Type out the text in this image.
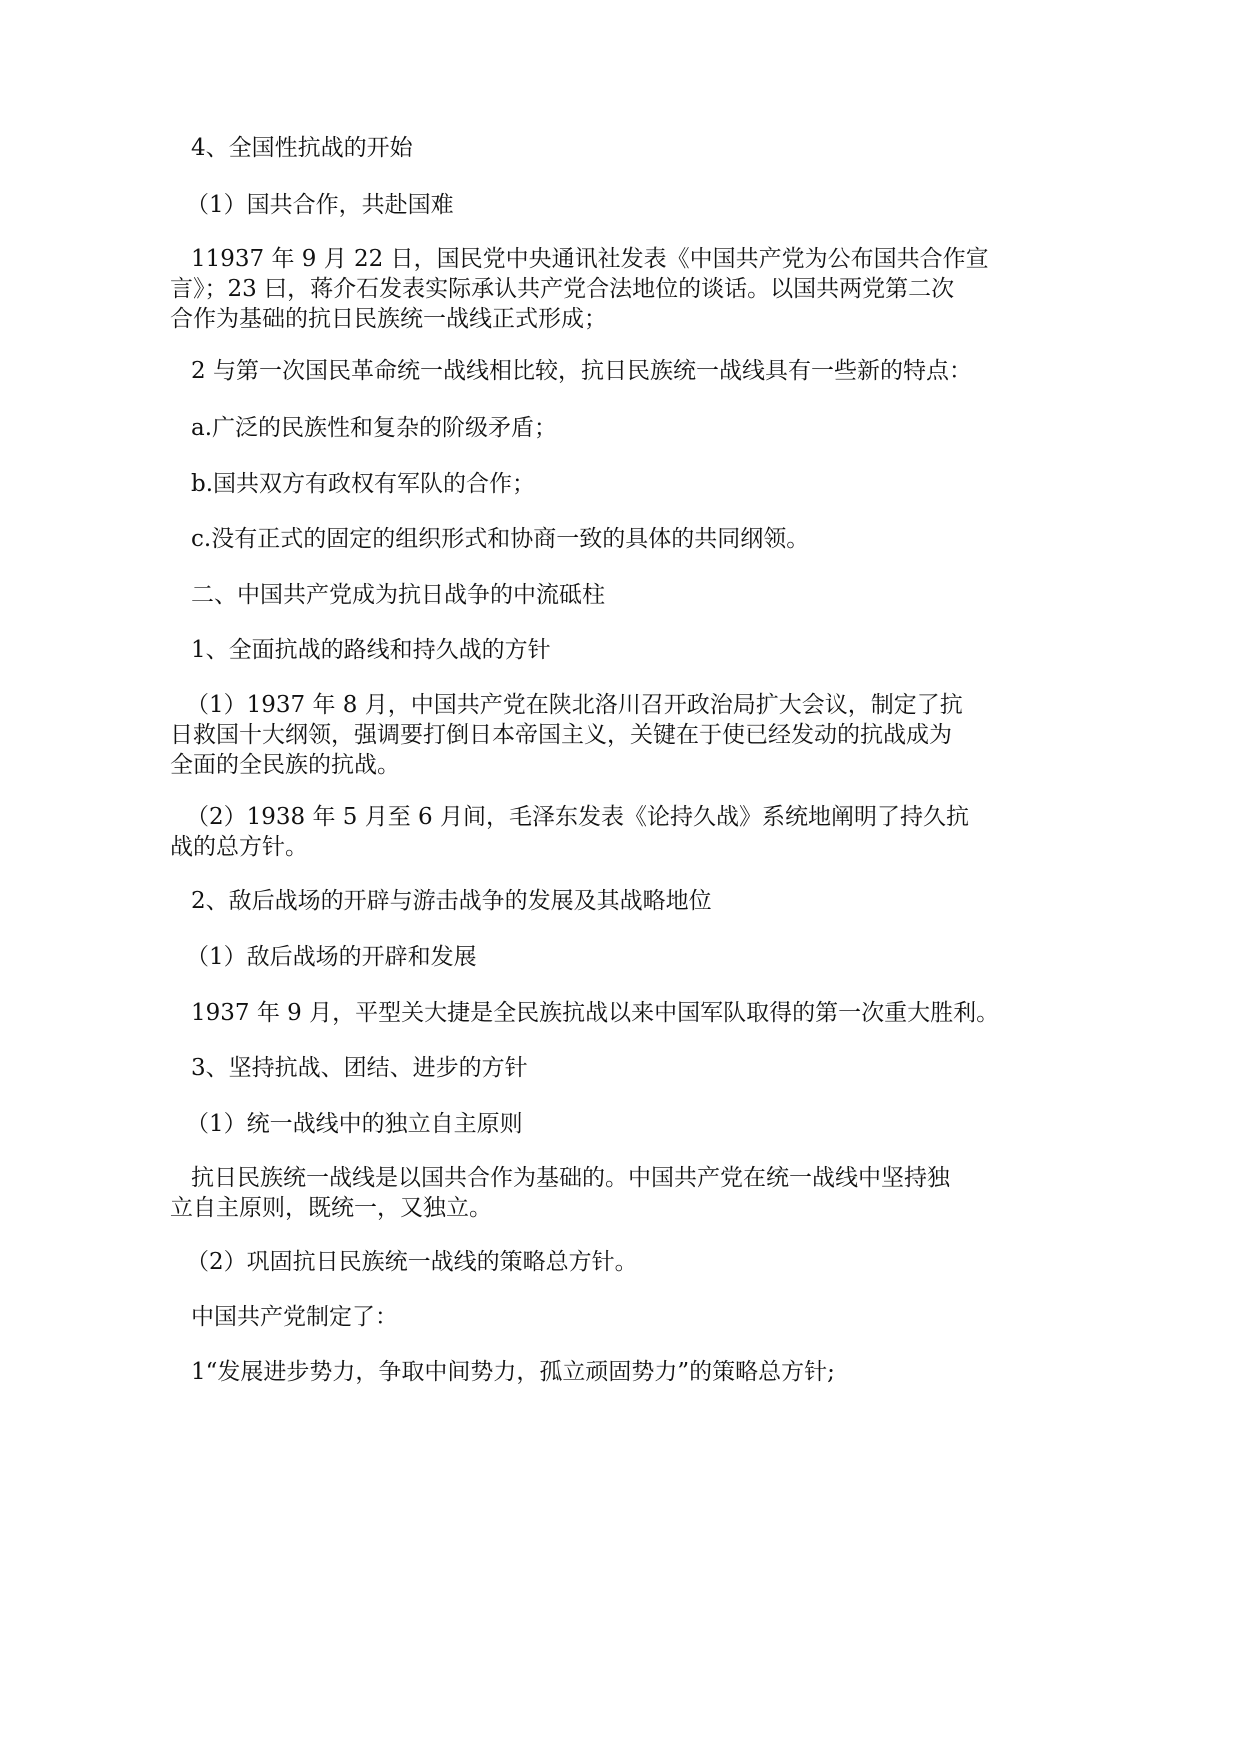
4、全国性抗战的开始

（1）国共合作，共赴国难

11937 年 9 月 22 日，国民党中央通讯社发表《中国共产党为公布国共合作宣
言》；23 曰，蒋介石发表实际承认共产党合法地位的谈话。以国共两党第二次
合作为基础的抗日民族统一战线正式形成；

2 与第一次国民革命统一战线相比较，抗日民族统一战线具有一些新的特点：

a.广泛的民族性和复杂的阶级矛盾；

b.国共双方有政权有军队的合作；

c.没有正式的固定的组织形式和协商一致的具体的共同纲领。

二、中国共产党成为抗日战争的中流砥柱

1、全面抗战的路线和持久战的方针

（1）1937 年 8 月，中国共产党在陕北洛川召开政治局扩大会议，制定了抗
日救国十大纲领，强调要打倒日本帝国主义，关键在于使已经发动的抗战成为
全面的全民族的抗战。

（2）1938 年 5 月至 6 月间，毛泽东发表《论持久战》系统地阐明了持久抗
战的总方针。

2、敌后战场的开辟与游击战争的发展及其战略地位

（1）敌后战场的开辟和发展

1937 年 9 月，平型关大捷是全民族抗战以来中国军队取得的第一次重大胜利。

3、坚持抗战、团结、进步的方针

（1）统一战线中的独立自主原则

抗日民族统一战线是以国共合作为基础的。中国共产党在统一战线中坚持独
立自主原则，既统一，又独立。

（2）巩固抗日民族统一战线的策略总方针。

中国共产党制定了：

1“发展进步势力，争取中间势力，孤立顽固势力”的策略总方针;
